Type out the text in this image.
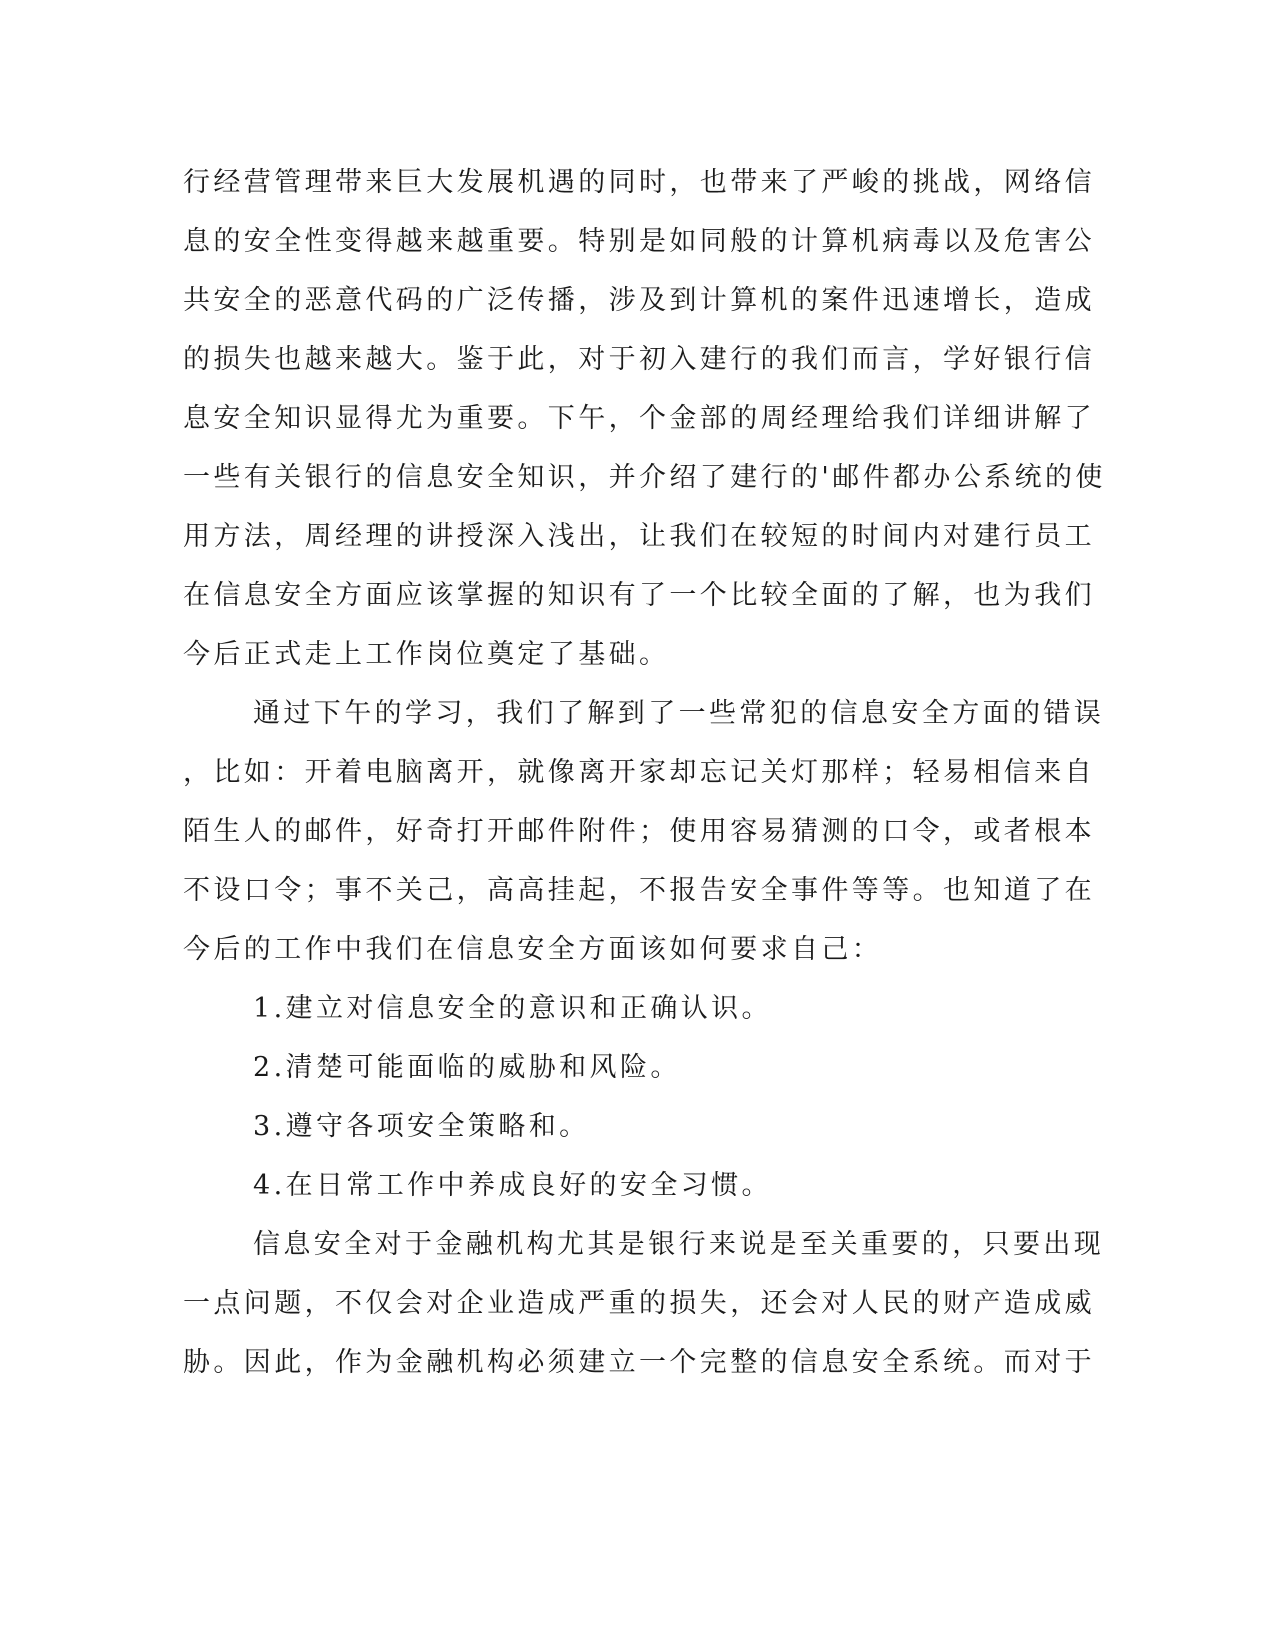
行经营管理带来巨大发展机遇的同时，也带来了严峻的挑战，网络信
息的安全性变得越来越重要。特别是如同般的计算机病毒以及危害公
共安全的恶意代码的广泛传播，涉及到计算机的案件迅速增长，造成
的损失也越来越大。鉴于此，对于初入建行的我们而言，学好银行信
息安全知识显得尤为重要。下午，个金部的周经理给我们详细讲解了
一些有关银行的信息安全知识，并介绍了建行的'邮件都办公系统的使
用方法，周经理的讲授深入浅出，让我们在较短的时间内对建行员工
在信息安全方面应该掌握的知识有了一个比较全面的了解，也为我们
今后正式走上工作岗位奠定了基础。
通过下午的学习，我们了解到了一些常犯的信息安全方面的错误
，比如：开着电脑离开，就像离开家却忘记关灯那样；轻易相信来自
陌生人的邮件，好奇打开邮件附件；使用容易猜测的口令，或者根本
不设口令；事不关己，高高挂起，不报告安全事件等等。也知道了在
今后的工作中我们在信息安全方面该如何要求自己：
1.建立对信息安全的意识和正确认识。
2.清楚可能面临的威胁和风险。
3.遵守各项安全策略和。
4.在日常工作中养成良好的安全习惯。
信息安全对于金融机构尤其是银行来说是至关重要的，只要出现
一点问题，不仅会对企业造成严重的损失，还会对人民的财产造成威
胁。因此，作为金融机构必须建立一个完整的信息安全系统。而对于
